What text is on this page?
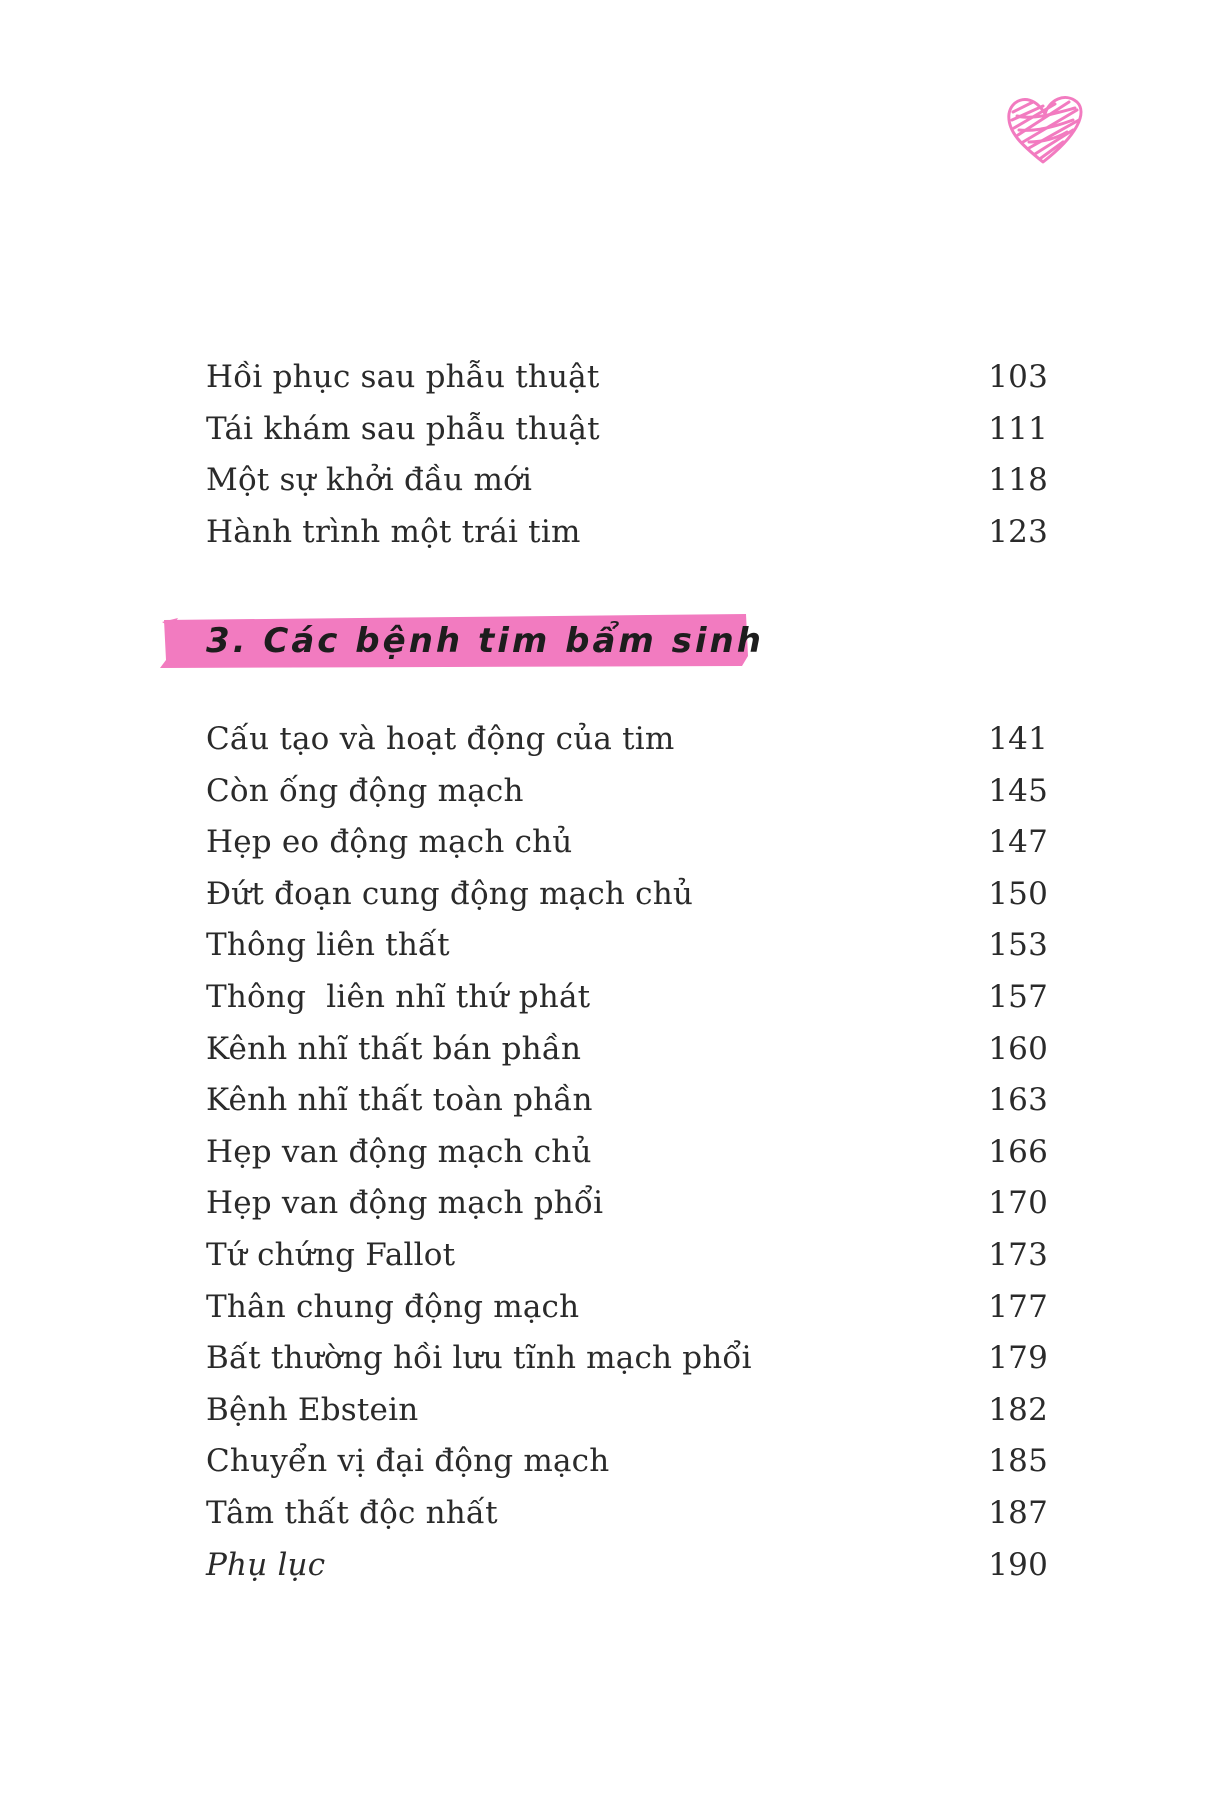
Hồi phục sau phẫu thuật	103
Tái khám sau phẫu thuật	111
Một sự khởi đầu mới	118
Hành trình một trái tim	123
3. Các bệnh tim bẩm sinh
Cấu tạo và hoạt động của tim	141
Còn ống động mạch	145
Hẹp eo động mạch chủ	147
Đứt đoạn cung động mạch chủ	150
Thông liên thất	153
Thông  liên nhĩ thứ phát	157
Kênh nhĩ thất bán phần	160
Kênh nhĩ thất toàn phần	163
Hẹp van động mạch chủ	166
Hẹp van động mạch phổi	170
Tứ chứng Fallot	173
Thân chung động mạch	177
Bất thường hồi lưu tĩnh mạch phổi	179
Bệnh Ebstein	182
Chuyển vị đại động mạch	185
Tâm thất độc nhất	187
Phụ lục	190
